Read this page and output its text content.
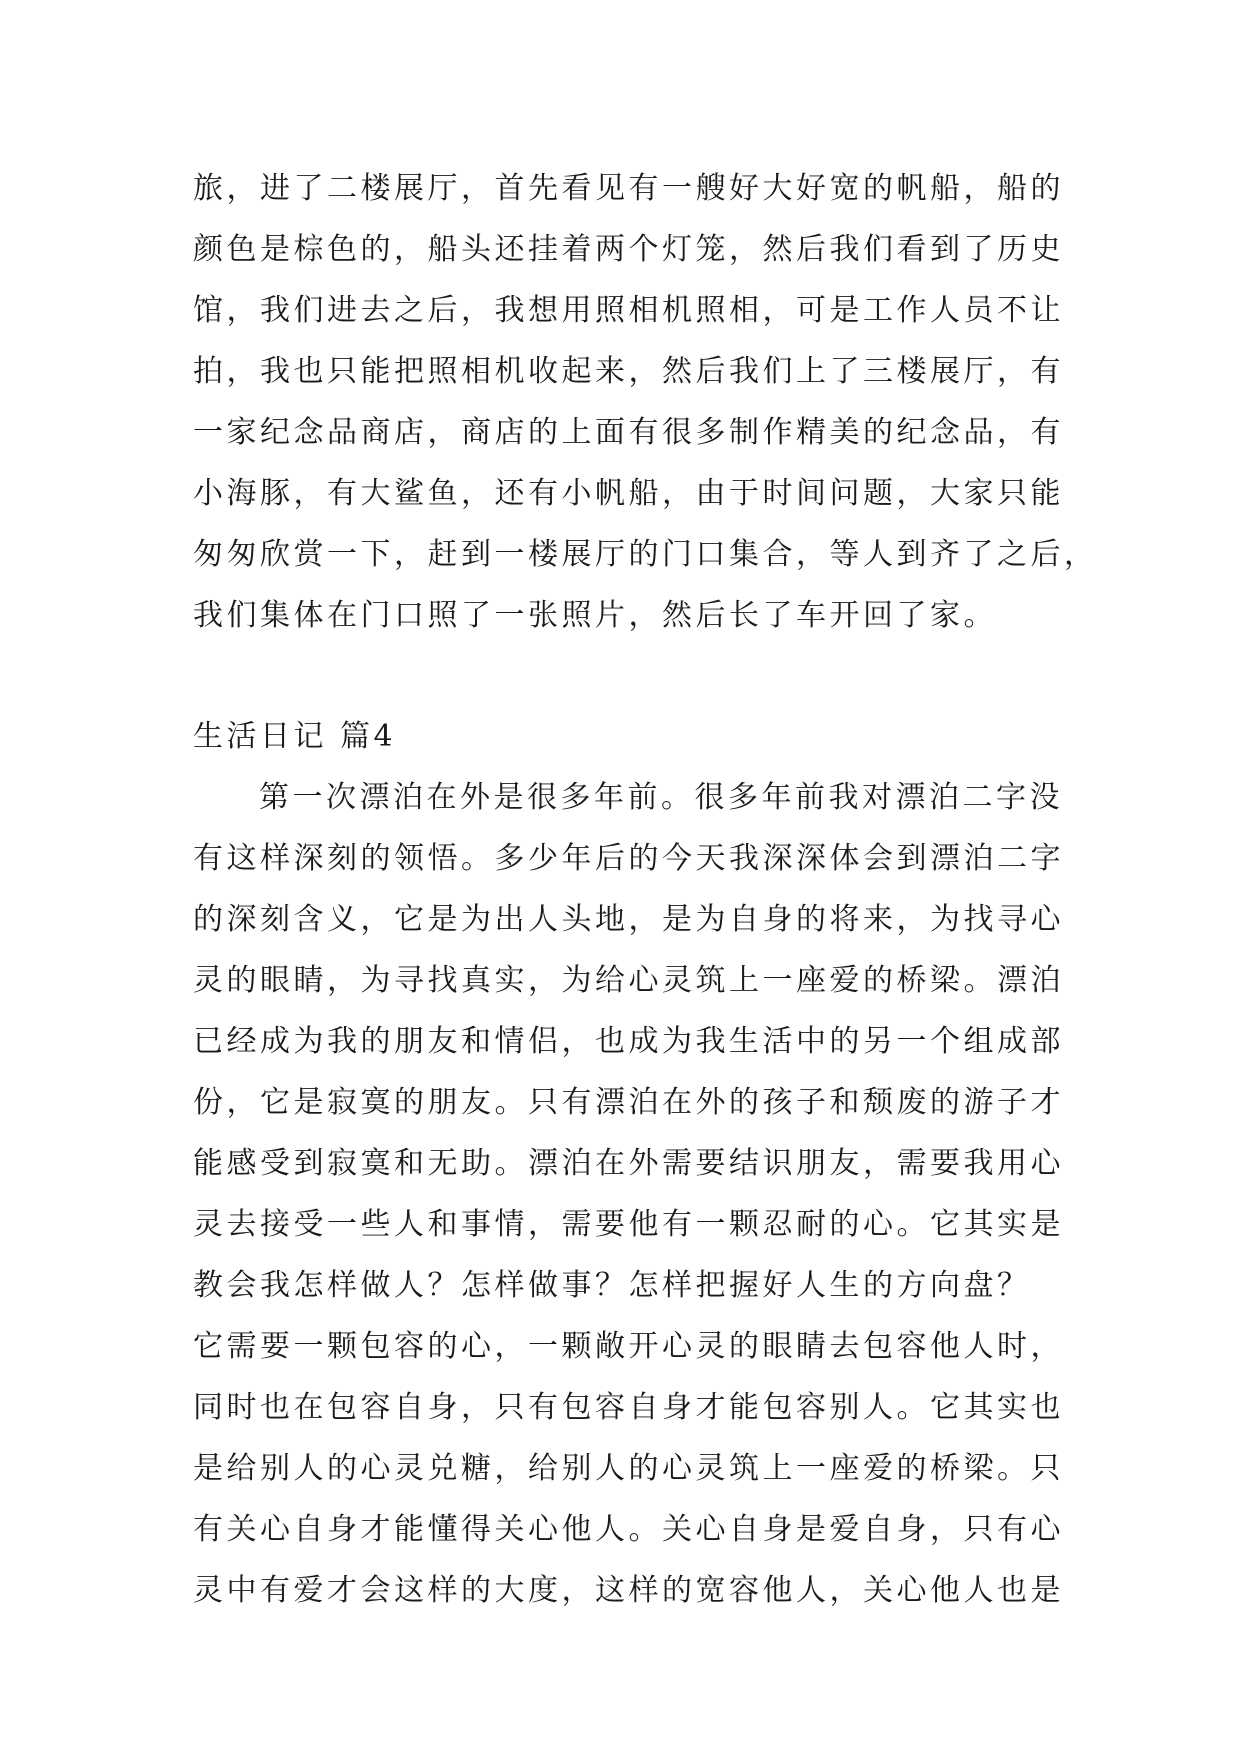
旅，进了二楼展厅，首先看见有一艘好大好宽的帆船，船的
颜色是棕色的，船头还挂着两个灯笼，然后我们看到了历史
馆，我们进去之后，我想用照相机照相，可是工作人员不让
拍，我也只能把照相机收起来，然后我们上了三楼展厅，有
一家纪念品商店，商店的上面有很多制作精美的纪念品，有
小海豚，有大鲨鱼，还有小帆船，由于时间问题，大家只能
匆匆欣赏一下，赶到一楼展厅的门口集合，等人到齐了之后，
我们集体在门口照了一张照片，然后长了车开回了家。
生活日记 篇4
第一次漂泊在外是很多年前。很多年前我对漂泊二字没
有这样深刻的领悟。多少年后的今天我深深体会到漂泊二字
的深刻含义，它是为出人头地，是为自身的将来，为找寻心
灵的眼睛，为寻找真实，为给心灵筑上一座爱的桥梁。漂泊
已经成为我的朋友和情侣，也成为我生活中的另一个组成部
份，它是寂寞的朋友。只有漂泊在外的孩子和颓废的游子才
能感受到寂寞和无助。漂泊在外需要结识朋友，需要我用心
灵去接受一些人和事情，需要他有一颗忍耐的心。它其实是
教会我怎样做人？怎样做事？怎样把握好人生的方向盘？
它需要一颗包容的心，一颗敞开心灵的眼睛去包容他人时，
同时也在包容自身，只有包容自身才能包容别人。它其实也
是给别人的心灵兑糖，给别人的心灵筑上一座爱的桥梁。只
有关心自身才能懂得关心他人。关心自身是爱自身，只有心
灵中有爱才会这样的大度，这样的宽容他人，关心他人也是
